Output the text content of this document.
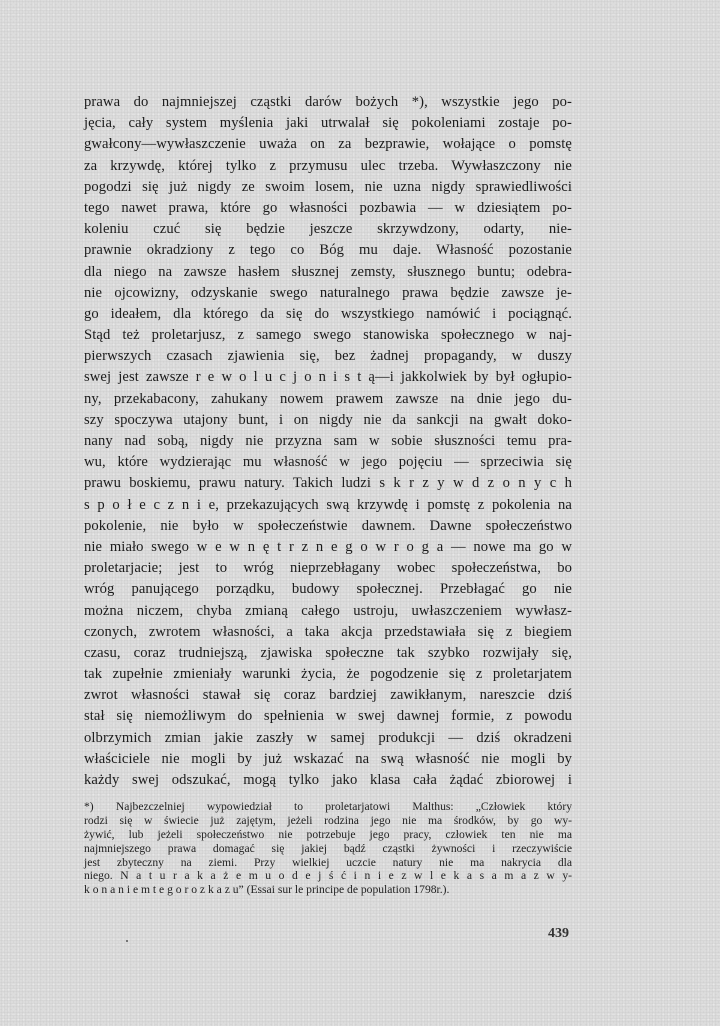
prawa do najmniejszej cząstki darów bożych *), wszystkie jego po-
jęcia, cały system myślenia jaki utrwalał się pokoleniami zostaje po-
gwałcony—wywłaszczenie uważa on za bezprawie, wołające o pomstę
za krzywdę, której tylko z przymusu ulec trzeba. Wywłaszczony nie
pogodzi się już nigdy ze swoim losem, nie uzna nigdy sprawiedliwości
tego nawet prawa, które go własności pozbawia — w dziesiątem po-
koleniu czuć się będzie jeszcze skrzywdzony, odarty, nie-
prawnie okradziony z tego co Bóg mu daje. Własność pozostanie
dla niego na zawsze hasłem słusznej zemsty, słusznego buntu; odebra-
nie ojcowizny, odzyskanie swego naturalnego prawa będzie zawsze je-
go ideałem, dla którego da się do wszystkiego namówić i pociągnąć.
Stąd też proletarjusz, z samego swego stanowiska społecznego w naj-
pierwszych czasach zjawienia się, bez żadnej propagandy, w duszy
swej jest zawsze r e w o l u c j o n i s t ą—i jakkolwiek by był ogłupio-
ny, przekabacony, zahukany nowem prawem zawsze na dnie jego du-
szy spoczywa utajony bunt, i on nigdy nie da sankcji na gwałt doko-
nany nad sobą, nigdy nie przyzna sam w sobie słuszności temu pra-
wu, które wydzierając mu własność w jego pojęciu — sprzeciwia się
prawu boskiemu, prawu natury. Takich ludzi s k r z y w d z o n y c h
s p o ł e c z n i e, przekazujących swą krzywdę i pomstę z pokolenia na
pokolenie, nie było w społeczeństwie dawnem. Dawne społeczeństwo
nie miało swego w e w n ę t r z n e g o w r o g a — nowe ma go w
proletarjacie; jest to wróg nieprzebłagany wobec społeczeństwa, bo
wróg panującego porządku, budowy społecznej. Przebłagać go nie
można niczem, chyba zmianą całego ustroju, uwłaszczeniem wywłasz-
czonych, zwrotem własności, a taka akcja przedstawiała się z biegiem
czasu, coraz trudniejszą, zjawiska społeczne tak szybko rozwijały się,
tak zupełnie zmieniały warunki życia, że pogodzenie się z proletarjatem
zwrot własności stawał się coraz bardziej zawikłanym, nareszcie dziś
stał się niemożliwym do spełnienia w swej dawnej formie, z powodu
olbrzymich zmian jakie zaszły w samej produkcji — dziś okradzeni
właściciele nie mogli by już wskazać na swą własność nie mogli by
każdy swej odszukać, mogą tylko jako klasa cała żądać zbiorowej i
*) Najbezczelniej wypowiedział to proletarjatowi Malthus: „Człowiek który
rodzi się w świecie już zajętym, jeżeli rodzina jego nie ma środków, by go wy-
żywić, lub jeżeli społeczeństwo nie potrzebuje jego pracy, człowiek ten nie ma
najmniejszego prawa domagać się jakiej bądź cząstki żywności i rzeczywiście
jest zbyteczny na ziemi. Przy wielkiej uczcie natury nie ma nakrycia dla
niego. N a t u r a k a ż e m u o d e j ś ć i n i e z w l e k a s a m a z w y-
k o n a n i e m t e g o r o z k a z u” (Essai sur le principe de population 1798r.).
439
